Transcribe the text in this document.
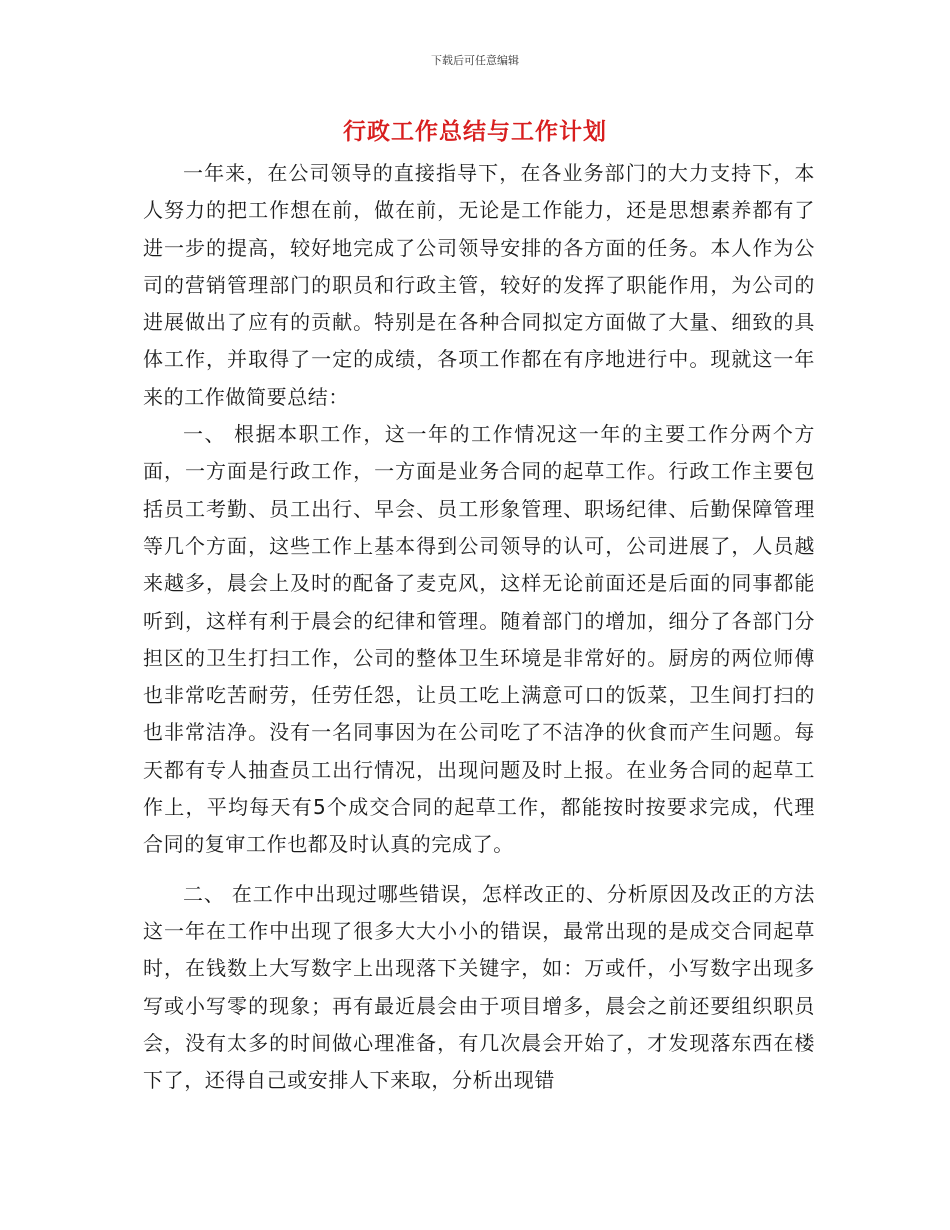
下载后可任意编辑
行政工作总结与工作计划

一年来，在公司领导的直接指导下，在各业务部门的大力支持下，本人努力的把工作想在前，做在前，无论是工作能力，还是思想素养都有了进一步的提高，较好地完成了公司领导安排的各方面的任务。本人作为公司的营销管理部门的职员和行政主管，较好的发挥了职能作用，为公司的进展做出了应有的贡献。特别是在各种合同拟定方面做了大量、细致的具体工作，并取得了一定的成绩，各项工作都在有序地进行中。现就这一年来的工作做简要总结：

一、 根据本职工作，这一年的工作情况这一年的主要工作分两个方面，一方面是行政工作，一方面是业务合同的起草工作。行政工作主要包括员工考勤、员工出行、早会、员工形象管理、职场纪律、后勤保障管理等几个方面，这些工作上基本得到公司领导的认可，公司进展了，人员越来越多，晨会上及时的配备了麦克风，这样无论前面还是后面的同事都能听到，这样有利于晨会的纪律和管理。随着部门的增加，细分了各部门分担区的卫生打扫工作，公司的整体卫生环境是非常好的。厨房的两位师傅也非常吃苦耐劳，任劳任怨，让员工吃上满意可口的饭菜，卫生间打扫的也非常洁净。没有一名同事因为在公司吃了不洁净的伙食而产生问题。每天都有专人抽查员工出行情况，出现问题及时上报。在业务合同的起草工作上，平均每天有5个成交合同的起草工作，都能按时按要求完成，代理合同的复审工作也都及时认真的完成了。

二、 在工作中出现过哪些错误，怎样改正的、分析原因及改正的方法这一年在工作中出现了很多大大小小的错误，最常出现的是成交合同起草时，在钱数上大写数字上出现落下关键字，如：万或仟，小写数字出现多写或小写零的现象；再有最近晨会由于项目增多，晨会之前还要组织职员会，没有太多的时间做心理准备，有几次晨会开始了，才发现落东西在楼下了，还得自己或安排人下来取，分析出现错
